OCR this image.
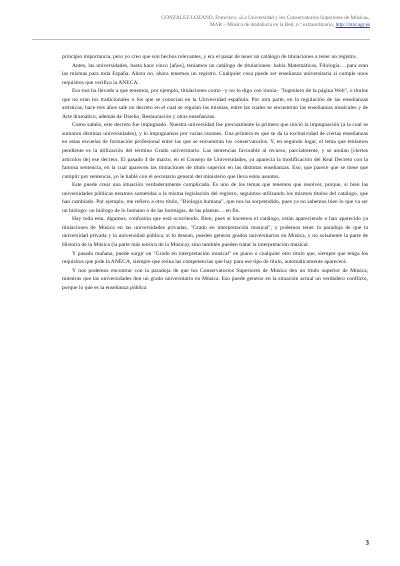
GONZÁLEZ LOZANO, Francisco, «La Universidad y los Conservatorios Superiores de Música»,
MAR – Música de Andalucía en la Red, n.º extraordinario, http://mar.ugr.es

principio importancia, pero yo creo que son hechos relevantes, y era el pasar de tener un catálogo de titulaciones a tener un registro.

Antes, las universidades, hasta hace cinco [años], teníamos un catálogo de titulaciones: había Matemáticas, Filología… para eran las mismas para toda España. Ahora no, ahora tenemos un registro. Cualquier cosa puede ser enseñanza universitaria si cumple unos requisitos que verifica la ANECA.

Eso nos ha llevado a que tenemos, por ejemplo, titulaciones como –y no lo digo con ironía– "Ingeniero de la página Web", o títulos que no eran los tradicionales o los que se conocían en la Universidad española. Por otra parte, en la regulación de las enseñanzas artísticas, hace tres años sale un decreto en el cual se regulan las mismas, entre las cuales se encuentran las enseñanzas musicales y de Arte dramático, además de Diseño, Restauración y otras enseñanzas.

Como sabéis, este decreto fue impugnado. Nuestra universidad fue precisamente la primera que inició la impugnación (a la cual se sumaron distintas universidades), y lo impugnamos por varias razones. Una primera es que se da la exclusividad de ciertas enseñanzas en estas escuelas de formación profesional entre las que se encuentran los conservatorios. Y, en segundo lugar, el tema que teníamos pendiente es la utilización del término Grado universitario. Las sentencias favorable al recurso, parcialmente, y se anulan [ciertos artículos de] ese decreto. El pasado 4 de marzo, en el Consejo de Universidades, ya aparecía la modificación del Real Decreto con la famosa sentencia, en la cual aparecen las titulaciones de título superior en las distintas enseñanzas. Eso, que parece que se tiene que cumplir por sentencia, yo le hablé con el secretario general del ministerio que lleva estos asuntos.

Este puede crear una situación verdaderamente complicada. Es uno de los temas que tenemos que resolver, porque, si bien las universidades públicas estamos sometidas a la misma legislación del registro, seguimos utilizando los mismos títulos del catálogo, que han cambiado. Por ejemplo, me refiero a otro título, "Biología humana", que nos ha sorprendido, pues ya no sabemos bien lo que va ser un biólogo: un biólogo de lo humano o de las hormigas, de las plantas… en fin.

Hay toda esta, digamos, confusión que está ocurriendo. Bien, pues si hacemos el catálogo, están apareciendo o han aparecido ya titulaciones de Música en las universidades privadas, "Grado en interpretación musical", y podemos tener la paradoja de que la universidad privada y la universidad pública, si lo desean, pueden generar grados universitarios en Música, y no solamente la parte de Historia de la Música (la parte más teórica de la Música), sino también pueden tratar la interpretación musical.

Y pasado mañana, puede surgir un "Grado en interpretación musical" en piano o cualquier otro título que, siempre que tenga los requisitos que pide la ANECA, siempre que reúna las competencias que hay para ese tipo de título, automáticamente aparecerá.

Y nos podemos encontrar con la paradoja de que los Conservatorios Superiores de Música den un título superior de Música, mientras que las universidades den un grado universitario en Música. Eso puede generar en la situación actual un verdadero conflicto, porque lo que es la enseñanza pública

3
